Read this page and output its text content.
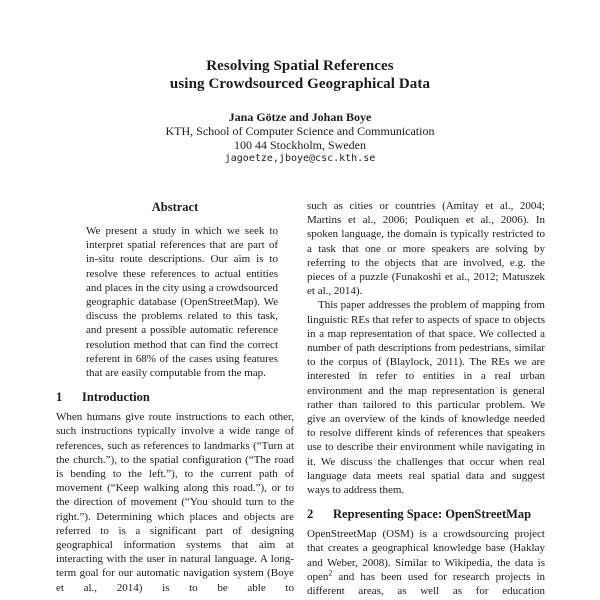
Resolving Spatial References
using Crowdsourced Geographical Data
Jana Götze and Johan Boye
KTH, School of Computer Science and Communication
100 44 Stockholm, Sweden
jagoetze,jboye@csc.kth.se
Abstract

We present a study in which we seek to interpret spatial references that are part of in-situ route descriptions. Our aim is to resolve these references to actual entities and places in the city using a crowdsourced geographic database (OpenStreetMap). We discuss the problems related to this task, and present a possible automatic reference resolution method that can find the correct referent in 68% of the cases using features that are easily computable from the map.

1 Introduction

When humans give route instructions to each other, such instructions typically involve a wide range of references, such as references to landmarks (“Turn at the church.”), to the spatial configuration (“The road is bending to the left.”), to the current path of movement (“Keep walking along this road.”), or to the direction of movement (“You should turn to the right.”). Determining which places and objects are referred to is a significant part of designing geographical information systems that aim at interacting with the user in natural language. A long-term goal for our automatic navigation system (Boye et al., 2014) is to be able to

such as cities or countries (Amitay et al., 2004; Martins et al., 2006; Pouliquen et al., 2006). In spoken language, the domain is typically restricted to a task that one or more speakers are solving by referring to the objects that are involved, e.g. the pieces of a puzzle (Funakoshi et al., 2012; Matuszek et al., 2014).

This paper addresses the problem of mapping from linguistic REs that refer to aspects of space to objects in a map representation of that space. We collected a number of path descriptions from pedestrians, similar to the corpus of (Blaylock, 2011). The REs we are interested in refer to entities in a real urban environment and the map representation is general rather than tailored to this particular problem. We give an overview of the kinds of knowledge needed to resolve different kinds of references that speakers use to describe their environment while navigating in it. We discuss the challenges that occur when real language data meets real spatial data and suggest ways to address them.

2 Representing Space: OpenStreetMap

OpenStreetMap (OSM) is a crowdsourcing project that creates a geographical knowledge base (Haklay and Weber, 2008). Similar to Wikipedia, the data is open$^2$ and has been used for research projects in different areas, as well as for education
